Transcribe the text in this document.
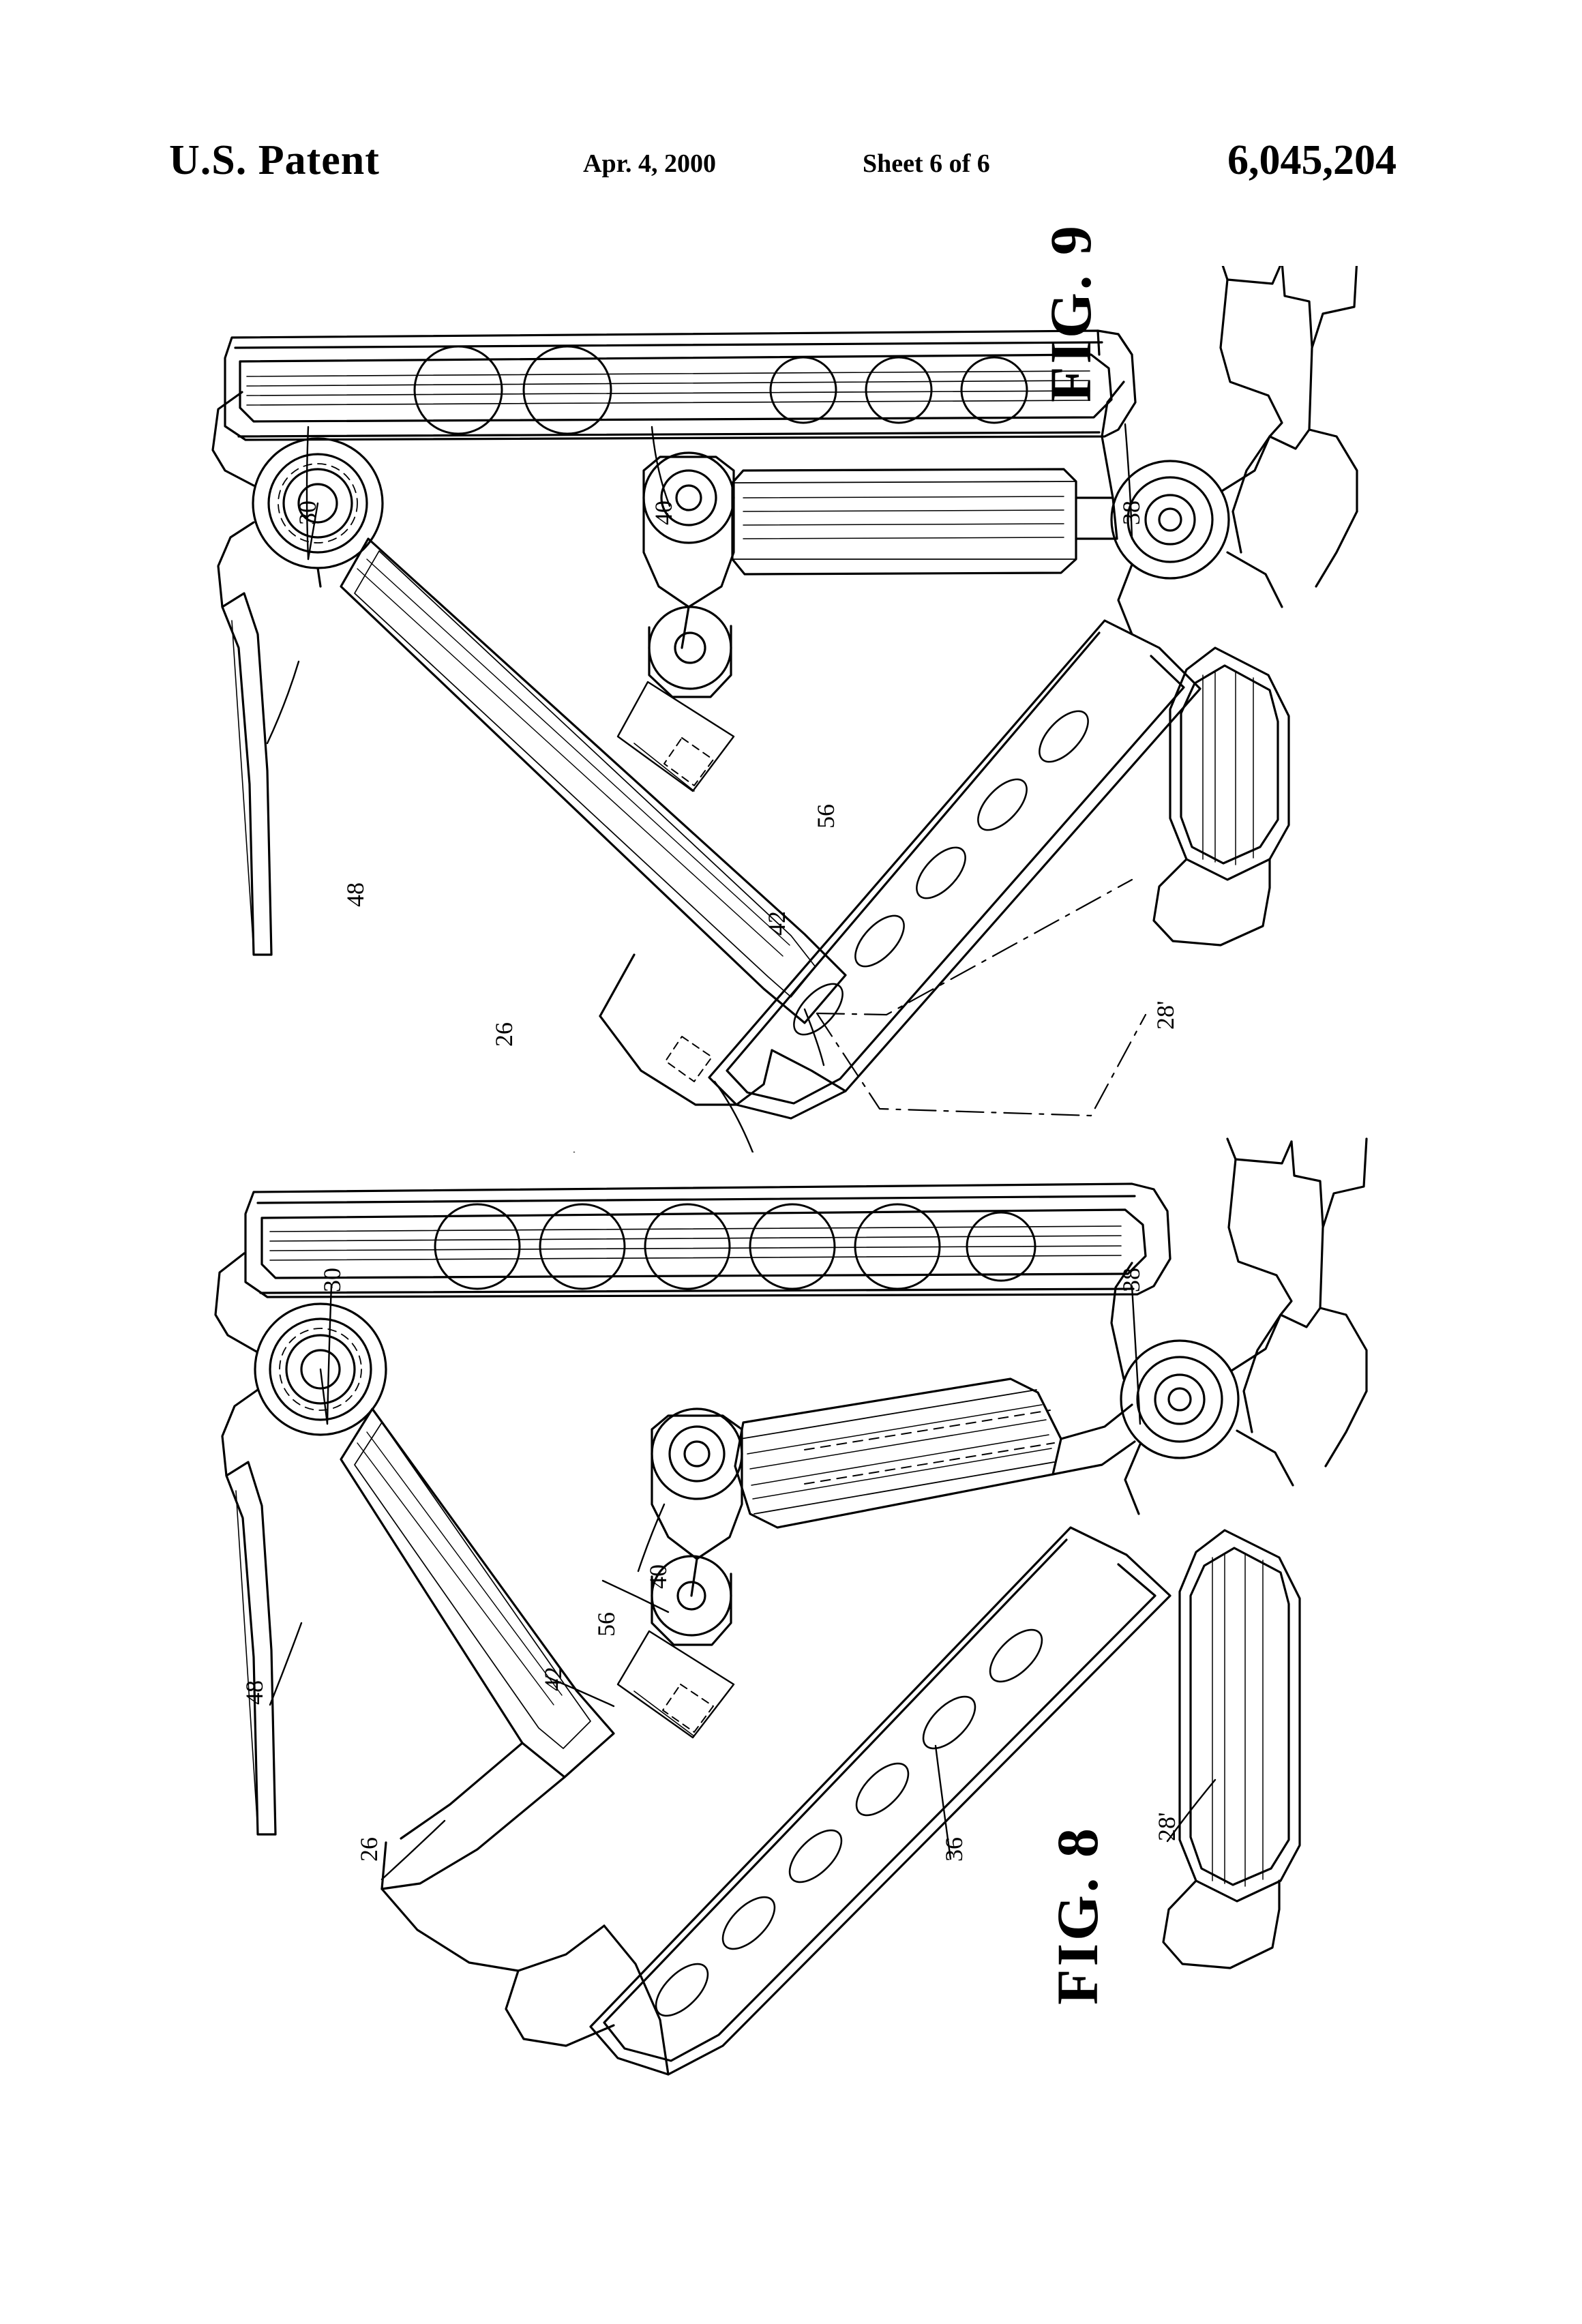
U.S. Patent	Apr. 4, 2000	Sheet 6 of 6	6,045,204
FIG. 9
FIG. 8
30	40	38
48
56
42
26
28'
30	38
48
40
56
42
26	36
28'
